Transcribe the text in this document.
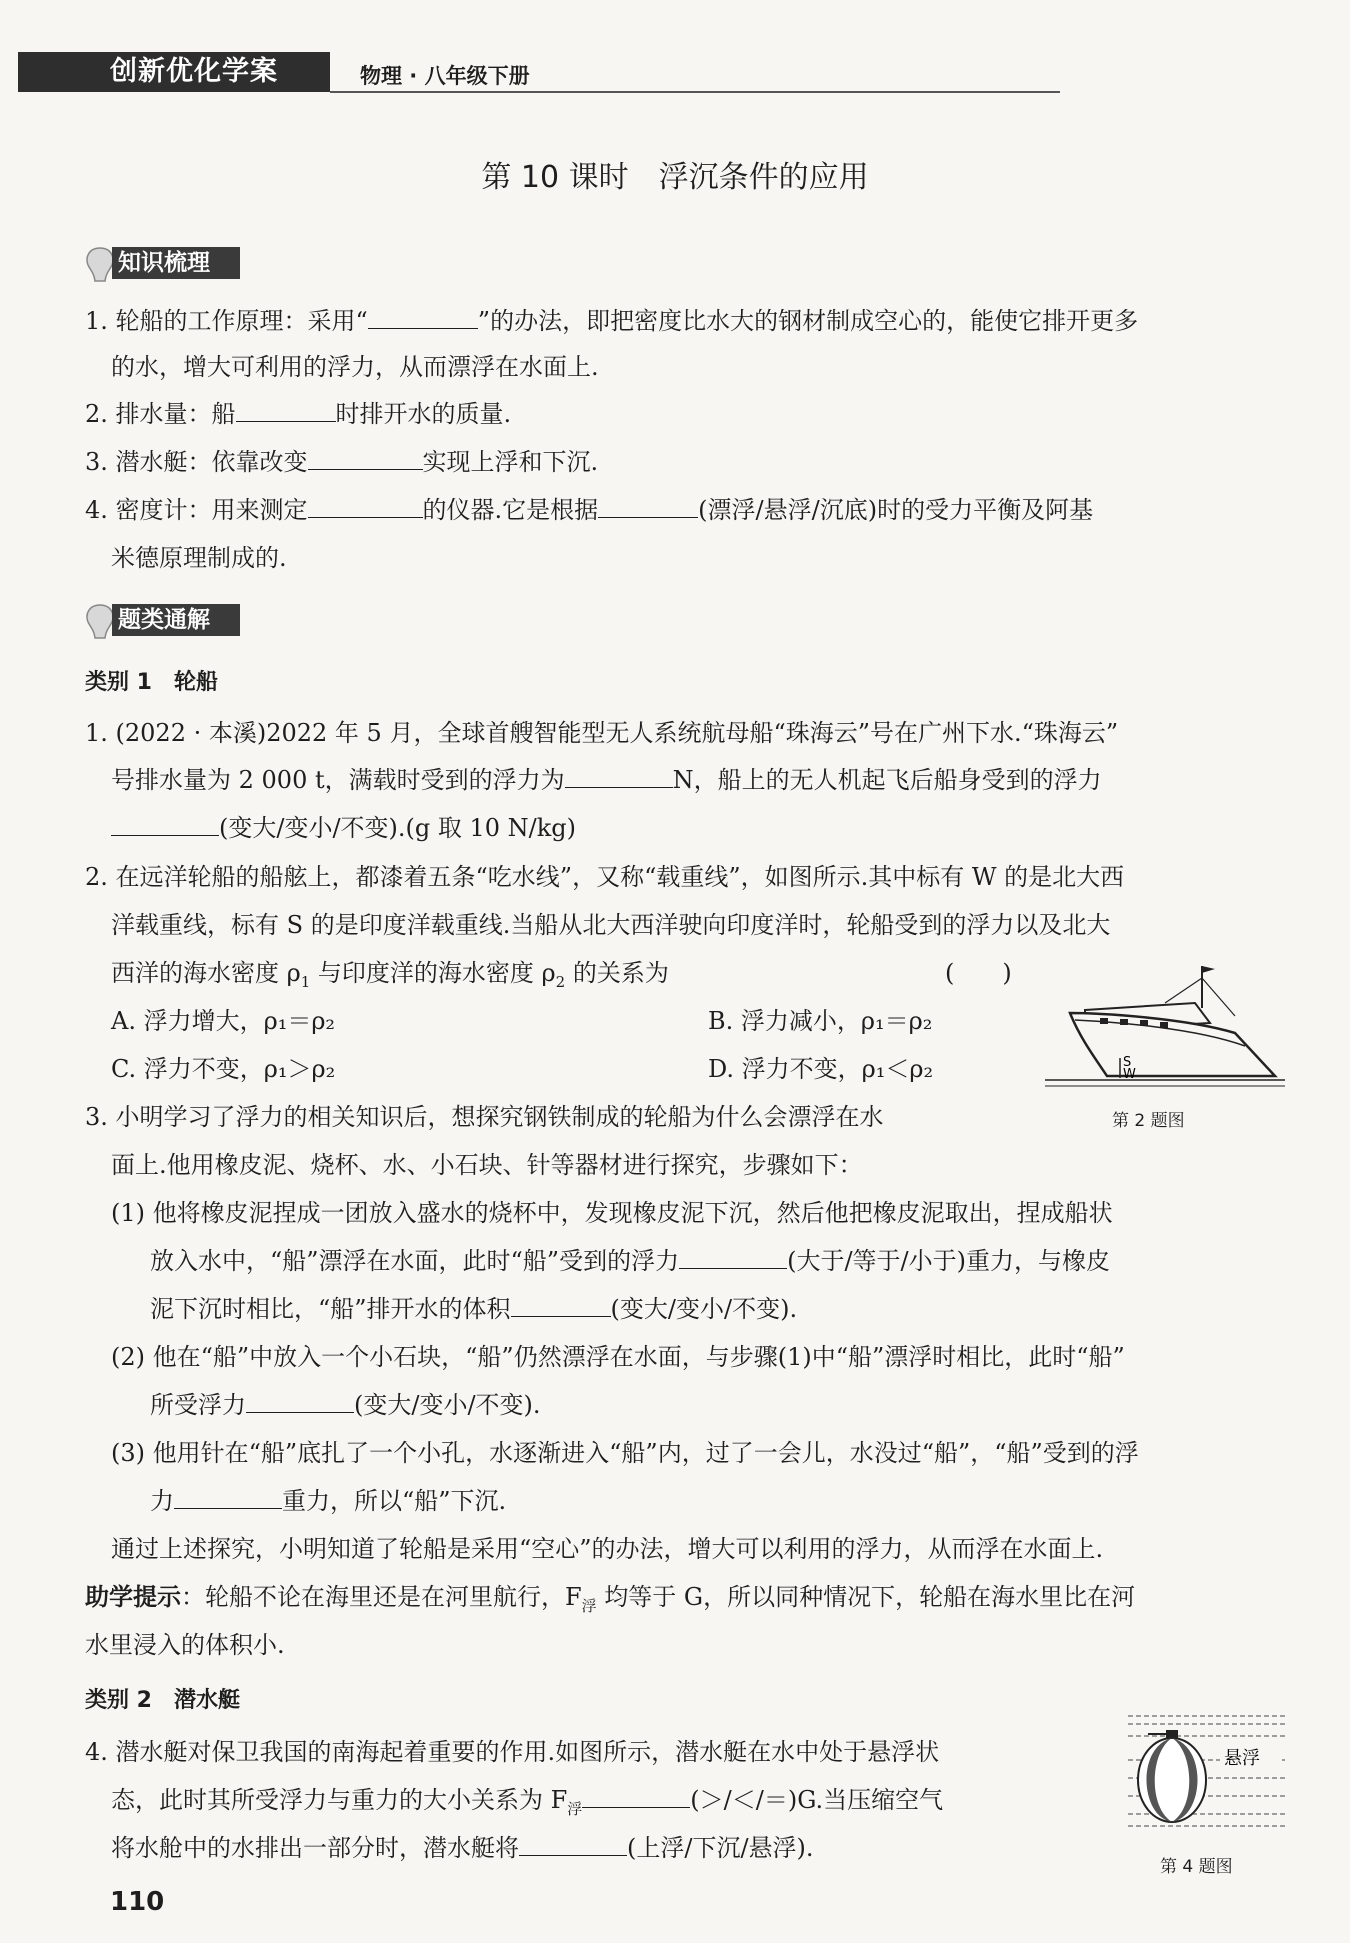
创新优化学案	物理 · 八年级下册
第 10 课时　浮沉条件的应用
知识梳理
1. 轮船的工作原理：采用“	”的办法，即把密度比水大的钢材制成空心的，能使它排开更多
的水，增大可利用的浮力，从而漂浮在水面上.
2. 排水量：船	时排开水的质量.
3. 潜水艇：依靠改变	实现上浮和下沉.
4. 密度计：用来测定	的仪器.它是根据	(漂浮/悬浮/沉底)时的受力平衡及阿基
米德原理制成的.
题类通解
类别 1　轮船
1. (2022 · 本溪)2022 年 5 月，全球首艘智能型无人系统航母船“珠海云”号在广州下水.“珠海云”
号排水量为 2 000 t，满载时受到的浮力为	N，船上的无人机起飞后船身受到的浮力
(变大/变小/不变).(g 取 10 N/kg)
2. 在远洋轮船的船舷上，都漆着五条“吃水线”，又称“载重线”，如图所示.其中标有 W 的是北大西
洋载重线，标有 S 的是印度洋载重线.当船从北大西洋驶向印度洋时，轮船受到的浮力以及北大
西洋的海水密度 $\rho_1$ 与印度洋的海水密度 $\rho_2$ 的关系为	(　　)
A. 浮力增大，ρ₁＝ρ₂	B. 浮力减小，ρ₁＝ρ₂
C. 浮力不变，ρ₁＞ρ₂	D. 浮力不变，ρ₁＜ρ₂	S
W
第 2 题图
3. 小明学习了浮力的相关知识后，想探究钢铁制成的轮船为什么会漂浮在水
面上.他用橡皮泥、烧杯、水、小石块、针等器材进行探究，步骤如下：
(1) 他将橡皮泥捏成一团放入盛水的烧杯中，发现橡皮泥下沉，然后他把橡皮泥取出，捏成船状
放入水中，“船”漂浮在水面，此时“船”受到的浮力	(大于/等于/小于)重力，与橡皮
泥下沉时相比，“船”排开水的体积	(变大/变小/不变).
(2) 他在“船”中放入一个小石块，“船”仍然漂浮在水面，与步骤(1)中“船”漂浮时相比，此时“船”
所受浮力	(变大/变小/不变).
(3) 他用针在“船”底扎了一个小孔，水逐渐进入“船”内，过了一会儿，水没过“船”，“船”受到的浮
力	重力，所以“船”下沉.
通过上述探究，小明知道了轮船是采用“空心”的办法，增大可以利用的浮力，从而浮在水面上.
助学提示：轮船不论在海里还是在河里航行，$F_浮$ 均等于 G，所以同种情况下，轮船在海水里比在河
水里浸入的体积小.
类别 2　潜水艇
4. 潜水艇对保卫我国的南海起着重要的作用.如图所示，潜水艇在水中处于悬浮状
态，此时其所受浮力与重力的大小关系为 $F_浮$	(＞/＜/＝)G.当压缩空气
将水舱中的水排出一部分时，潜水艇将	(上浮/下沉/悬浮).
悬浮
第 4 题图
110
